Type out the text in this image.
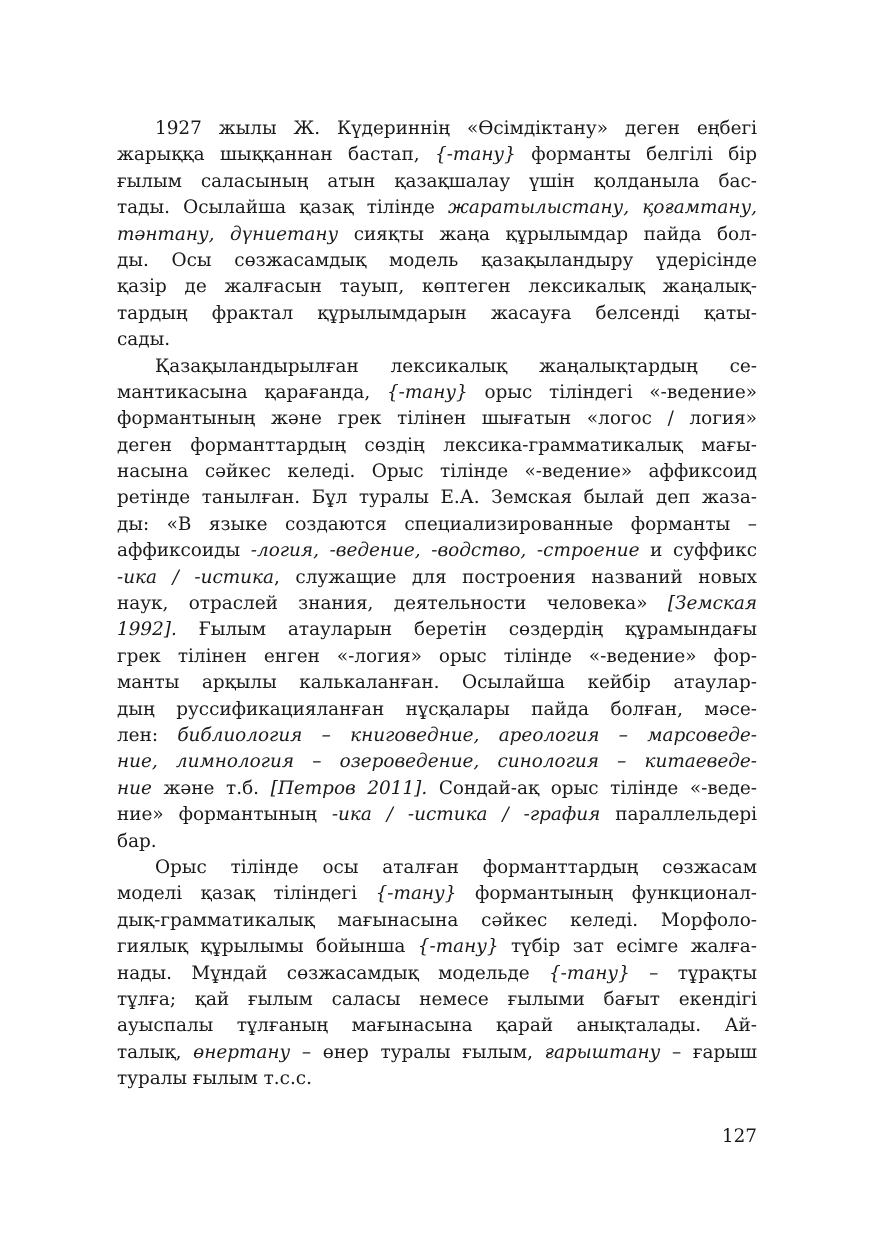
1927 жылы Ж. Күдериннің «Өсімдіктану» деген еңбегі
жарыққа шыққаннан бастап, {-тану} форманты белгілі бір
ғылым саласының атын қазақшалау үшін қолданыла бас-
тады. Осылайша қазақ тілінде жаратылыстану, қоғамтану,
тәнтану, дүниетану сияқты жаңа құрылымдар пайда бол-
ды. Осы сөзжасамдық модель қазақыландыру үдерісінде
қазір де жалғасын тауып, көптеген лексикалық жаңалық-
тардың фрактал құрылымдарын жасауға белсенді қаты-
сады.
Қазақыландырылған лексикалық жаңалықтардың се-
мантикасына қарағанда, {-тану} орыс тіліндегі «-ведение»
формантының және грек тілінен шығатын «логос / логия»
деген форманттардың сөздің лексика-грамматикалық мағы-
насына сәйкес келеді. Орыс тілінде «-ведение» аффиксоид
ретінде танылған. Бұл туралы Е.А. Земская былай деп жаза-
ды: «В языке создаются специализированные форманты –
аффиксоиды -логия, -ведение, -водство, -строение и суффикс
-ика / -истика, служащие для построения названий новых
наук, отраслей знания, деятельности человека» [Земская
1992]. Ғылым атауларын беретін сөздердің құрамындағы
грек тілінен енген «-логия» орыс тілінде «-ведение» фор-
манты арқылы калькаланған. Осылайша кейбір атаулар-
дың руссификацияланған нұсқалары пайда болған, мәсе-
лен: библиология – книговедние, ареология – марсоведе-
ние, лимнология – озероведение, синология – китаеведе-
ние және т.б. [Петров 2011]. Сондай-ақ орыс тілінде «-веде-
ние» формантының -ика / -истика / -графия параллельдері
бар.
Орыс тілінде осы аталған форманттардың сөзжасам
моделі қазақ тіліндегі {-тану} формантының функционал-
дық-грамматикалық мағынасына сәйкес келеді. Морфоло-
гиялық құрылымы бойынша {-тану} түбір зат есімге жалға-
нады. Мұндай сөзжасамдық модельде {-тану} – тұрақты
тұлға; қай ғылым саласы немесе ғылыми бағыт екендігі
ауыспалы тұлғаның мағынасына қарай анықталады. Ай-
талық, өнертану – өнер туралы ғылым, ғарыштану – ғарыш
туралы ғылым т.с.с.
127
